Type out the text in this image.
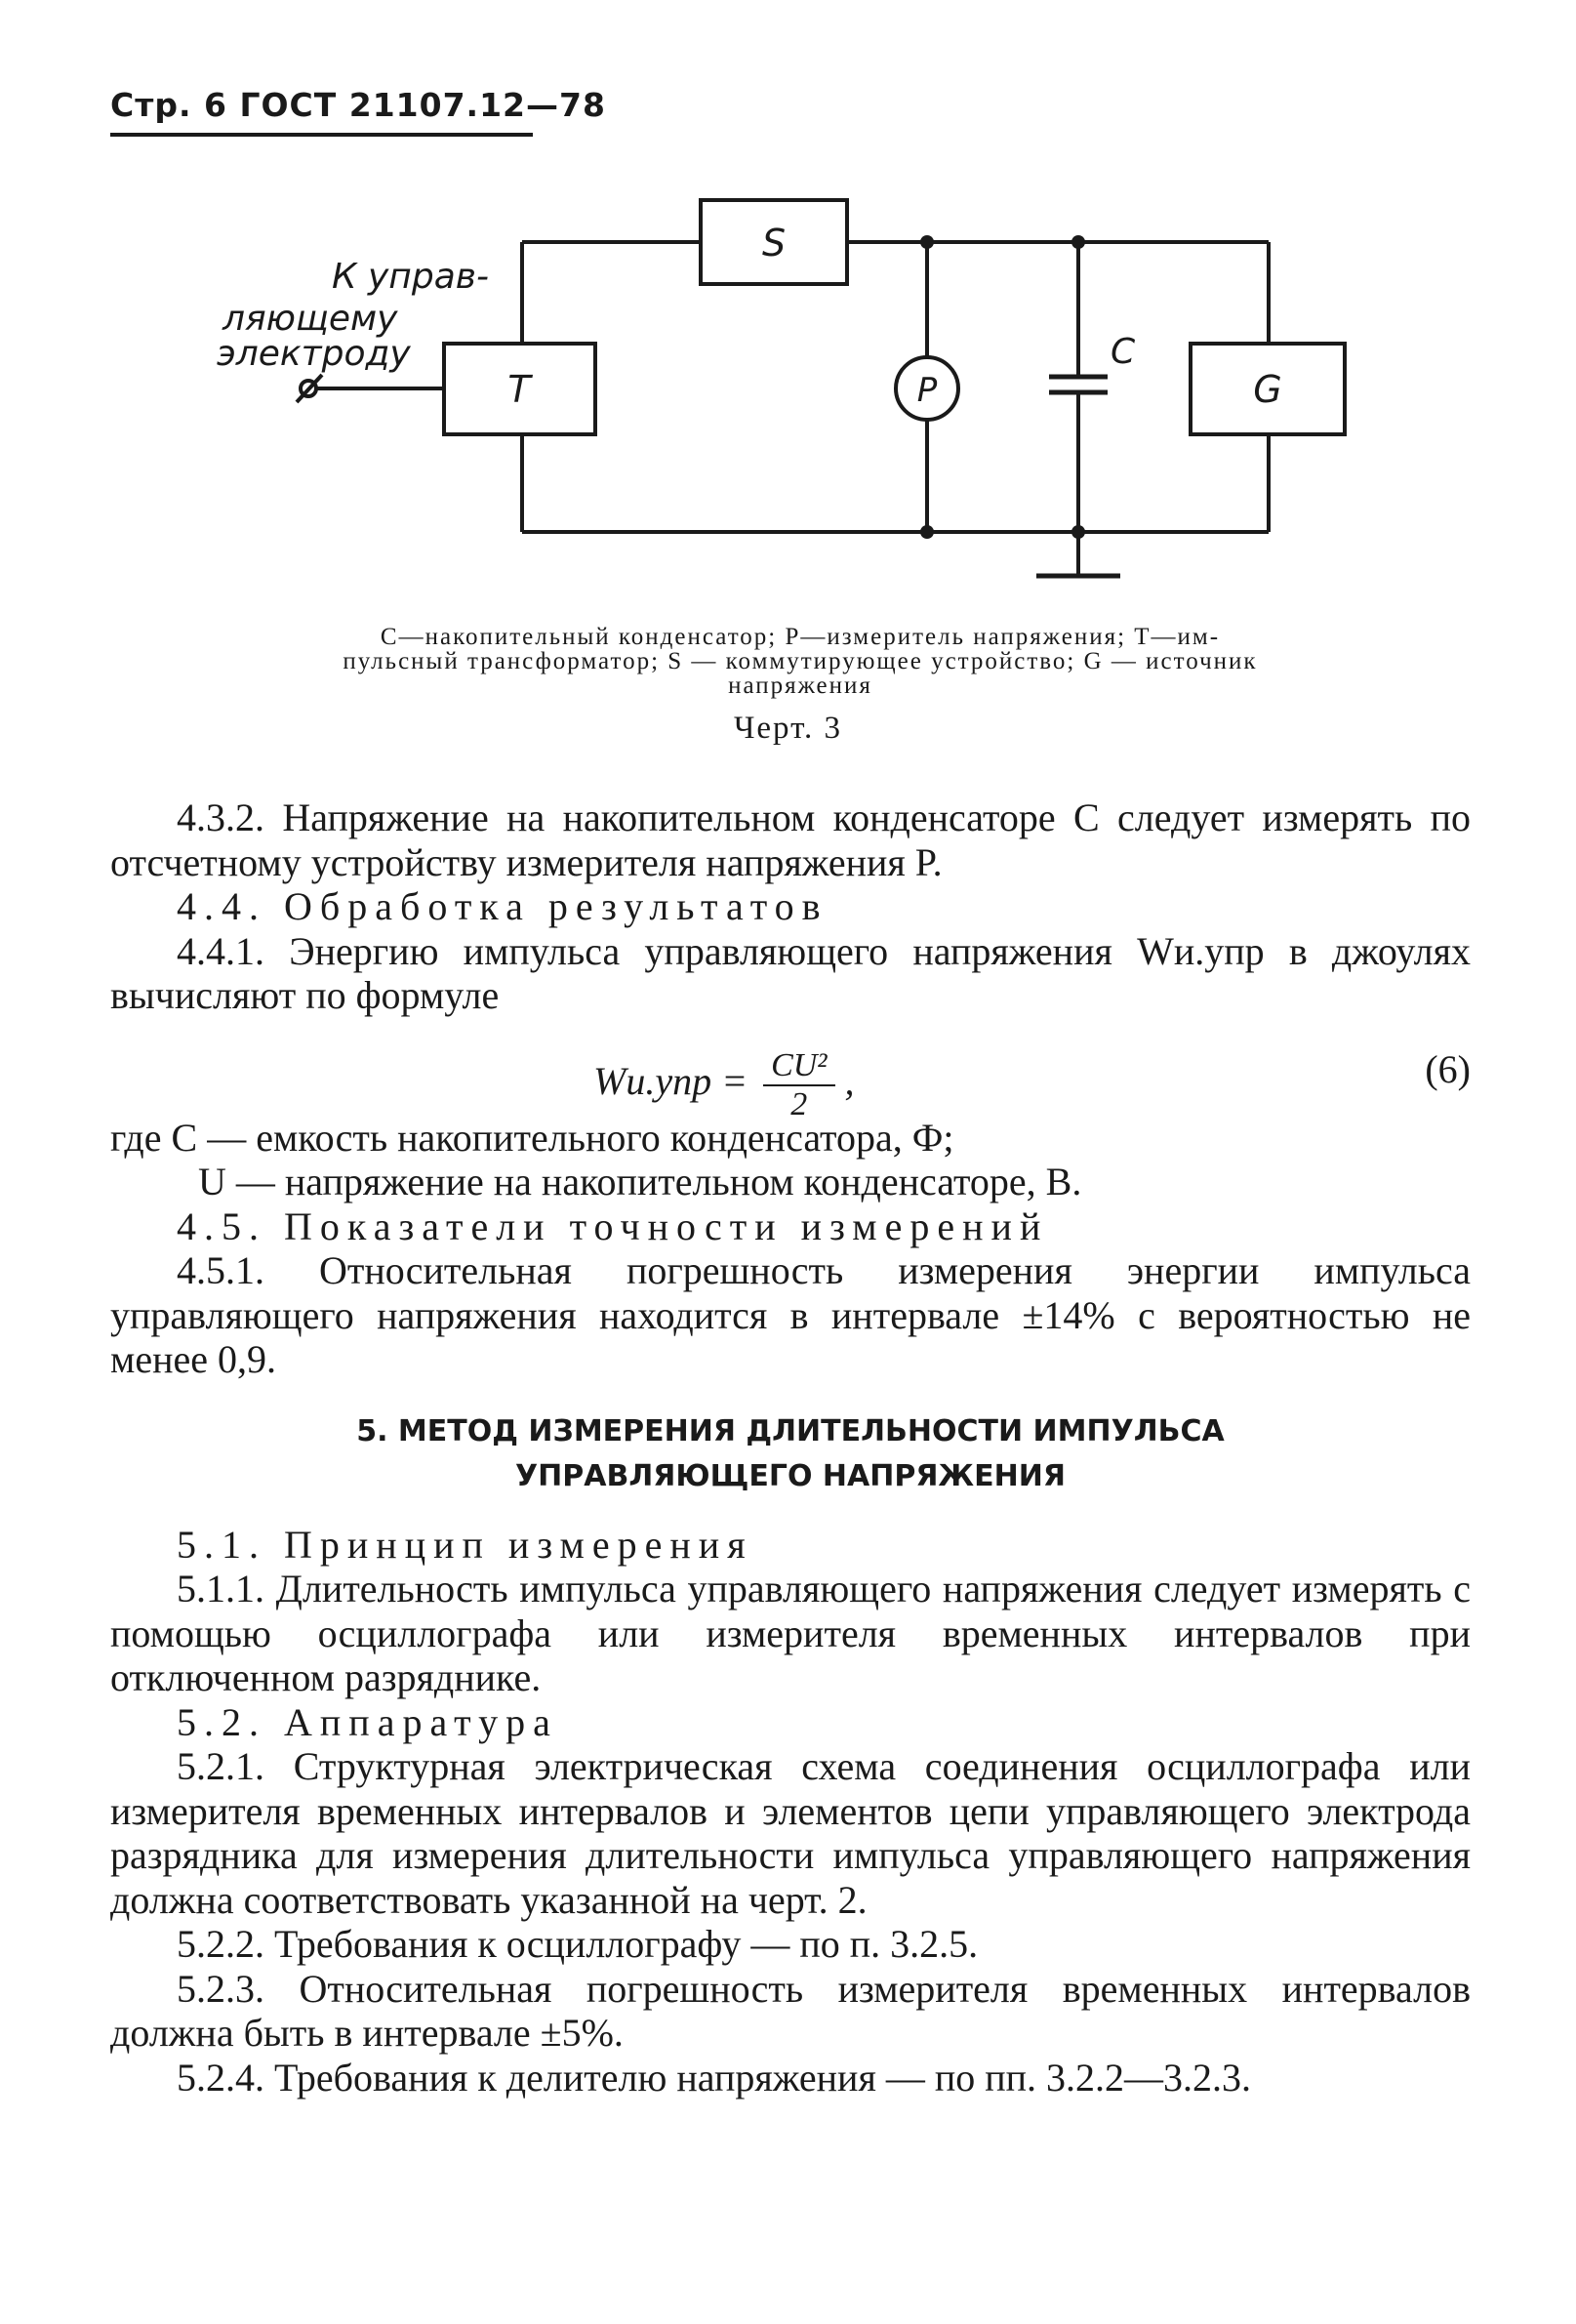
Стр. 6 ГОСТ 21107.12—78
S
T	P
C
G
К управ-
ляющему
электроду
С—накопительный конденсатор; Р—измеритель напряжения; Т—им-
пульсный трансформатор; S — коммутирующее устройство; G — источник
напряжения
Черт. 3

4.3.2. Напряжение на накопительном конденсаторе C следует измерять по отсчетному устройству измерителя напряжения P.

4.4. Обработка результатов

4.4.1. Энергию импульса управляющего напряжения Wи.упр в джоулях вычисляют по формуле

$Wи.упр = \frac{\text{CU²}}{2}$ ,	(6)

где С — емкость накопительного конденсатора, Ф;

U — напряжение на накопительном конденсаторе, В.

4.5. Показатели точности измерений

4.5.1. Относительная погрешность измерения энергии импульса управляющего напряжения находится в интервале ±14% с вероятностью не менее 0,9.

5. МЕТОД ИЗМЕРЕНИЯ ДЛИТЕЛЬНОСТИ ИМПУЛЬСА
УПРАВЛЯЮЩЕГО НАПРЯЖЕНИЯ

5.1. Принцип измерения

5.1.1. Длительность импульса управляющего напряжения следует измерять с помощью осциллографа или измерителя временных интервалов при отключенном разряднике.

5.2. Аппаратура

5.2.1. Структурная электрическая схема соединения осциллографа или измерителя временных интервалов и элементов цепи управляющего электрода разрядника для измерения длительности импульса управляющего напряжения должна соответствовать указанной на черт. 2.

5.2.2. Требования к осциллографу — по п. 3.2.5.

5.2.3. Относительная погрешность измерителя временных интервалов должна быть в интервале ±5%.

5.2.4. Требования к делителю напряжения — по пп. 3.2.2—3.2.3.
